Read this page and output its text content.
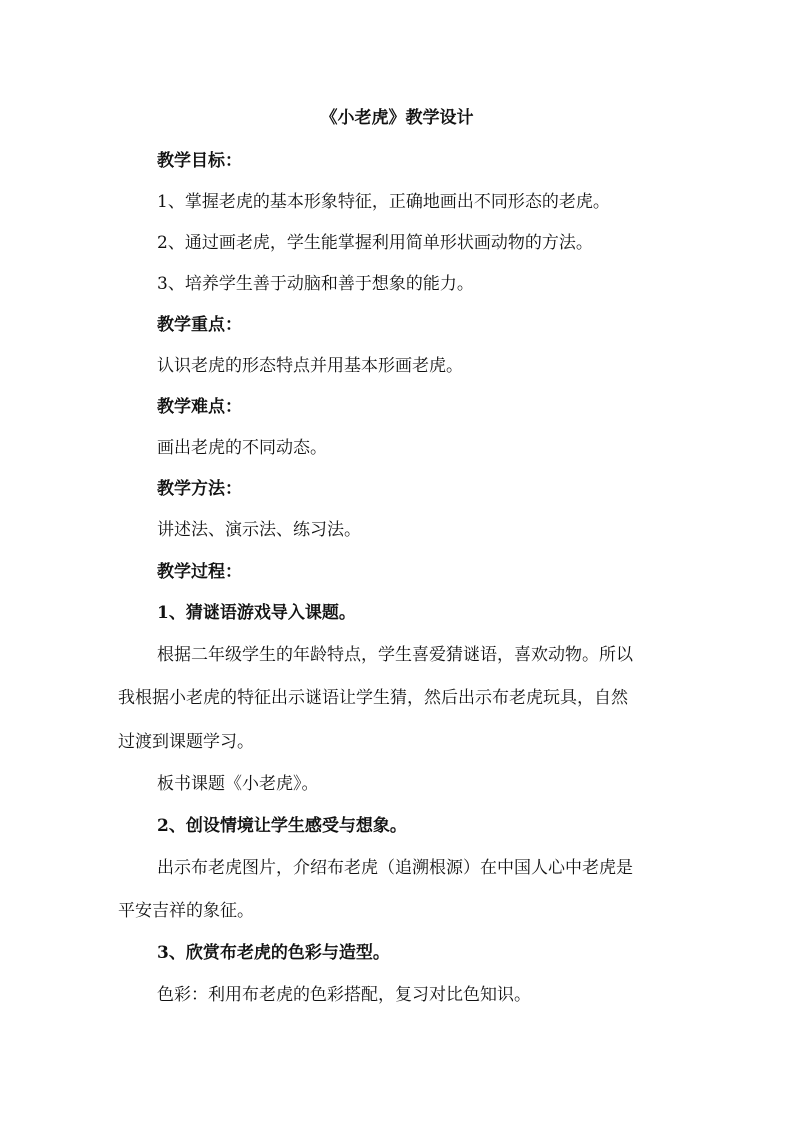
《小老虎》教学设计

教学目标：

1、掌握老虎的基本形象特征，正确地画出不同形态的老虎。

2、通过画老虎，学生能掌握利用简单形状画动物的方法。

3、培养学生善于动脑和善于想象的能力。

教学重点：

认识老虎的形态特点并用基本形画老虎。

教学难点：

画出老虎的不同动态。

教学方法：

讲述法、演示法、练习法。

教学过程：

1、猜谜语游戏导入课题。

根据二年级学生的年龄特点，学生喜爱猜谜语，喜欢动物。所以

我根据小老虎的特征出示谜语让学生猜，然后出示布老虎玩具，自然

过渡到课题学习。

板书课题《小老虎》。

2、创设情境让学生感受与想象。

出示布老虎图片，介绍布老虎（追溯根源）在中国人心中老虎是

平安吉祥的象征。

3、欣赏布老虎的色彩与造型。

色彩：利用布老虎的色彩搭配，复习对比色知识。
